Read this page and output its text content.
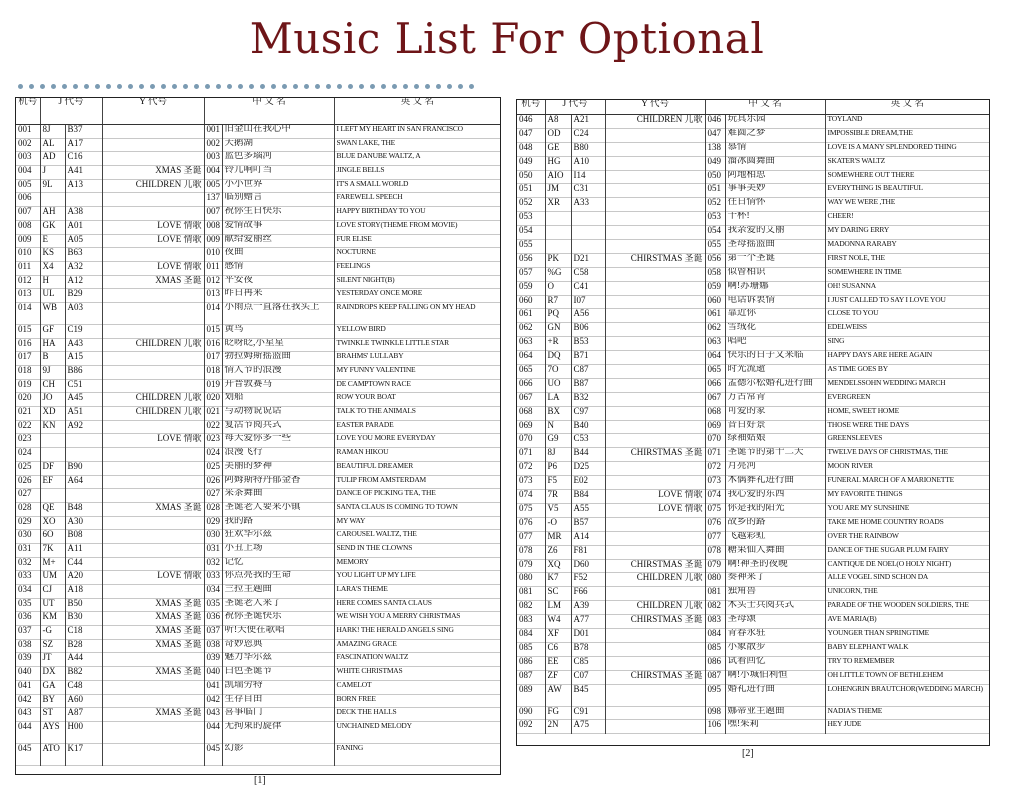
Music List For Optional
机号	J 代号		Y 代号	中 文 名		英 文 名
001	8J	B37		001	旧金山在我心中	I LEFT MY HEART IN SAN FRANCISCO
002	AL	A17		002	天鹅湖	SWAN LAKE, THE
003	AD	C16		003	蓝色多瑙河	BLUE DANUBE WALTZ, A
004	J	A41	XMAS 圣诞	004	铃儿响叮当	JINGLE BELLS
005	9L	A13	CHILDREN 儿歌	005	小小世界	IT'S A SMALL WORLD
006				137	临别赠言	FAREWELL SPEECH
007	AH	A38		007	祝你生日快乐	HAPPY BIRTHDAY TO YOU
008	GK	A01	LOVE 情歌	008	爱情故事	LOVE STORY(THEME FROM MOVIE)
009	E	A05	LOVE 情歌	009	献给爱丽丝	FUR ELISE
010	KS	B63		010	夜曲	NOCTURNE
011	X4	A32	LOVE 情歌	011	感情	FEELINGS
012	H	A12	XMAS 圣诞	012	平安夜	SILENT NIGHT(B)
013	UL	B29		013	昨日再来	YESTERDAY ONCE MORE
014	WB	A03		014	小雨点一直落在我头上	RAINDROPS KEEP FALLING ON MY HEAD
015	GF	C19		015	黄鸟	YELLOW BIRD
016	HA	A43	CHILDREN 儿歌	016	眨呀眨,小星星	TWINKLE TWINKLE LITTLE STAR
017	B	A15		017	勃拉姆斯摇篮曲	BRAHMS' LULLABY
018	9J	B86		018	情人节的浪漫	MY FUNNY VALENTINE
019	CH	C51		019	开普敦赛马	DE CAMPTOWN RACE
020	JO	A45	CHILDREN 儿歌	020	划船	ROW YOUR BOAT
021	XD	A51	CHILDREN 儿歌	021	与动物说说话	TALK TO THE ANIMALS
022	KN	A92		022	复活节阅兵式	EASTER PARADE
023			LOVE 情歌	023	每天爱你多一些	LOVE YOU MORE EVERYDAY
024				024	浪漫飞行	RAMAN HIKOU
025	DF	B90		025	美丽的梦神	BEAUTIFUL DREAMER
026	EF	A64		026	阿姆斯特丹郁金香	TULIP FROM AMSTERDAM
027				027	采茶舞曲	DANCE OF PICKING TEA, THE
028	QE	B48	XMAS 圣诞	028	圣诞老人要来小镇	SANTA CLAUS IS COMING TO TOWN
029	XO	A30		029	我的路	MY WAY
030	6O	B08		030	狂欢华尔兹	CAROUSEL WALTZ, THE
031	7K	A11		031	小丑上场	SEND IN THE CLOWNS
032	M+	C44		032	记忆	MEMORY
033	UM	A20	LOVE 情歌	033	你点亮我的生命	YOU LIGHT UP MY LIFE
034	CJ	A18		034	兰拉主题曲	LARA'S THEME
035	UT	B50	XMAS 圣诞	035	圣诞老人来了	HERE COMES SANTA CLAUS
036	KM	B30	XMAS 圣诞	036	祝你圣诞快乐	WE WISH YOU A MERRY CHRISTMAS
037	-G	C18	XMAS 圣诞	037	听!天使在歌唱	HARK! THE HERALD ANGELS SING
038	SZ	B28	XMAS 圣诞	038	奇妙恩典	AMAZING GRACE
039	JT	A44		039	魅力华尔兹	FASCINATION WALTZ
040	DX	B82	XMAS 圣诞	040	白色圣诞节	WHITE CHRISTMAS
041	GA	C48		041	凯瑞劳特	CAMELOT
042	BY	A60		042	生存自由	BORN FREE
043	ST	A87	XMAS 圣诞	043	喜事临门	DECK THE HALLS
044	AYS	H00		044	无拘束的旋律	UNCHAINED MELODY
045	ATO	K17		045	幻影	FANING
[1]
机号	J 代号		Y 代号	中 文 名		英 文 名
046	A8	A21	CHILDREN 儿歌	046	玩具乐园	TOYLAND
047	OD	C24		047	难圆之梦	IMPOSSIBLE DREAM,THE
048	GE	B80		138	慕情	LOVE IS A MANY SPLENDORED THING
049	HG	A10		049	溜冰圆舞曲	SKATER'S WALTZ
050	AIO	I14		050	阿地相思	SOMEWHERE OUT THERE
051	JM	C31		051	事事美妙	EVERYTHING IS BEAUTIFUL
052	XR	A33		052	往日情怀	WAY WE WERE ,THE
053				053	干杯!	CHEER!
054				054	我亲爱的艾丽	MY DARING ERRY
055				055	圣母摇篮曲	MADONNA RARABY
056	PK	D21	CHIRSTMAS 圣诞	056	第一个圣诞	FIRST NOLE, THE
057	%G	C58		058	似曾相识	SOMEWHERE IN TIME
059	O	C41		059	啊!苏珊娜	OH! SUSANNA
060	R7	I07		060	电话诉衷情	I JUST CALLED TO SAY I LOVE YOU
061	PQ	A56		061	靠近你	CLOSE TO YOU
062	GN	B06		062	雪绒花	EDELWEISS
063	+R	B53		063	唱吧	SING
064	DQ	B71		064	快乐的日子又来临	HAPPY DAYS ARE HERE AGAIN
065	7O	C87		065	时光流逝	AS TIME GOES BY
066	UO	B87		066	孟德尔松婚礼进行曲	MENDELSSOHN WEDDING MARCH
067	LA	B32		067	万古常青	EVERGREEN
068	BX	C97		068	可爱的家	HOME, SWEET HOME
069	N	B40		069	昔日好景	THOSE WERE THE DAYS
070	G9	C53		070	绿袖姑娘	GREENSLEEVES
071	8J	B44	CHIRSTMAS 圣诞	071	圣诞节的第十二天	TWELVE DAYS OF CHRISTMAS, THE
072	P6	D25		072	月亮河	MOON RIVER
073	F5	E02		073	木偶葬礼进行曲	FUNERAL MARCH OF A MARIONETTE
074	7R	B84	LOVE 情歌	074	我心爱的东西	MY FAVORITE THINGS
075	V5	A55	LOVE 情歌	075	你是我的阳光	YOU ARE MY SUNSHINE
076	-O	B57		076	故乡的路	TAKE ME HOME COUNTRY ROADS
077	MR	A14		077	飞越彩虹	OVER THE RAINBOW
078	Z6	F81		078	糖果仙人舞曲	DANCE OF THE SUGAR PLUM FAIRY
079	XQ	D60	CHIRSTMAS 圣诞	079	啊!神圣的夜晚	CANTIQUE DE NOEL(O HOLY NIGHT)
080	K7	F52	CHILDREN 儿歌	080	奏神来了	ALLE VOGEL SIND SCHON DA
081	SC	F66		081	独角兽	UNICORN, THE
082	LM	A39	CHILDREN 儿歌	082	木头士兵阅兵式	PARADE OF THE WOODEN SOLDIERS, THE
083	W4	A77	CHIRSTMAS 圣诞	083	圣母颂	AVE MARIA(B)
084	XF	D01		084	青春永驻	YOUNGER THAN SPRINGTIME
085	C6	B78		085	小象散步	BABY ELEPHANT WALK
086	EE	C85		086	试着回忆	TRY TO REMEMBER
087	ZF	C07	CHIRSTMAS 圣诞	087	啊!小城伯利恒	OH LITTLE TOWN OF BETHLEHEM
089	AW	B45		095	婚礼进行曲	LOHENGRIN BRAUTCHOR(WEDDING MARCH)
090	FG	C91		098	娜蒂亚主题曲	NADIA'S THEME
092	2N	A75		106	嘿!茱莉	HEY JUDE
[2]
